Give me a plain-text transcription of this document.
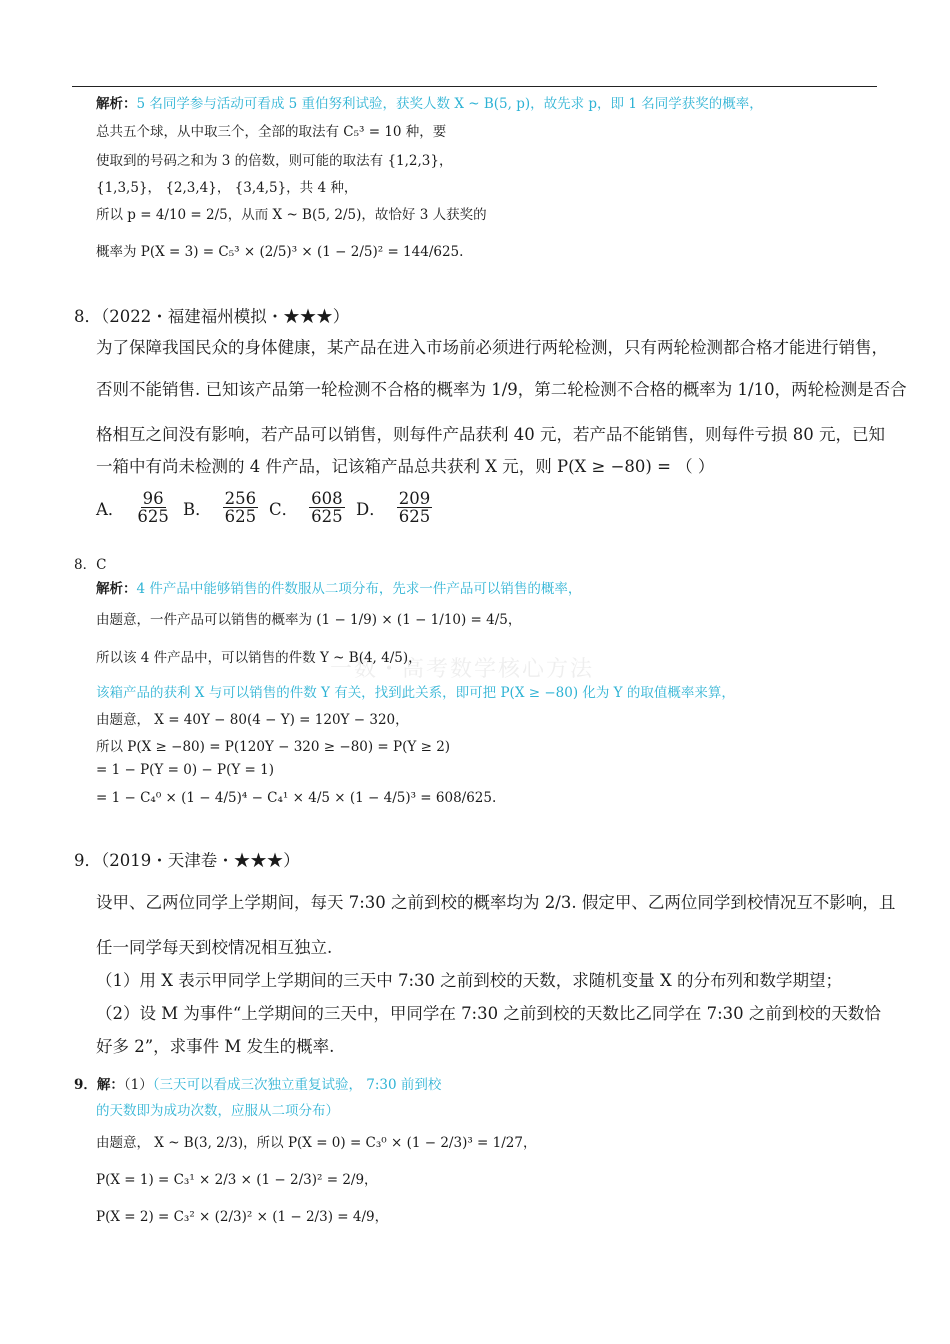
解析：5 名同学参与活动可看成 5 重伯努利试验，获奖人数 X ~ B(5, p)，故先求 p，即 1 名同学获奖的概率，
总共五个球，从中取三个，全部的取法有 C₅³ = 10 种，要
使取到的号码之和为 3 的倍数，则可能的取法有 {1,2,3}，
{1,3,5}， {2,3,4}， {3,4,5}，共 4 种，
所以 p = 4/10 = 2/5，从而 X ~ B(5, 2/5)，故恰好 3 人获奖的
概率为 P(X = 3) = C₅³ × (2/5)³ × (1 − 2/5)² = 144/625.
8．（2022・福建福州模拟・★★★）
为了保障我国民众的身体健康，某产品在进入市场前必须进行两轮检测，只有两轮检测都合格才能进行销售，
否则不能销售. 已知该产品第一轮检测不合格的概率为 1/9，第二轮检测不合格的概率为 1/10，两轮检测是否合
格相互之间没有影响，若产品可以销售，则每件产品获利 40 元，若产品不能销售，则每件亏损 80 元，已知
一箱中有尚未检测的 4 件产品，记该箱产品总共获利 X 元，则 P(X ≥ −80) = （ ）
A． $\frac{96}{625}$ B． $\frac{256}{625}$ C． $\frac{608}{625}$ D． $\frac{209}{625}$
8．C
解析：4 件产品中能够销售的件数服从二项分布，先求一件产品可以销售的概率，
由题意，一件产品可以销售的概率为 (1 − 1/9) × (1 − 1/10) = 4/5，
一数・高考数学核心方法
所以该 4 件产品中，可以销售的件数 Y ~ B(4, 4/5)，
该箱产品的获利 X 与可以销售的件数 Y 有关，找到此关系，即可把 P(X ≥ −80) 化为 Y 的取值概率来算，
由题意， X = 40Y − 80(4 − Y) = 120Y − 320，
所以 P(X ≥ −80) = P(120Y − 320 ≥ −80) = P(Y ≥ 2)
= 1 − P(Y = 0) − P(Y = 1)
= 1 − C₄⁰ × (1 − 4/5)⁴ − C₄¹ × 4/5 × (1 − 4/5)³ = 608/625.
9．（2019・天津卷・★★★）
设甲、乙两位同学上学期间，每天 7:30 之前到校的概率均为 2/3. 假定甲、乙两位同学到校情况互不影响，且
任一同学每天到校情况相互独立.
（1）用 X 表示甲同学上学期间的三天中 7:30 之前到校的天数，求随机变量 X 的分布列和数学期望；
（2）设 M 为事件“上学期间的三天中，甲同学在 7:30 之前到校的天数比乙同学在 7:30 之前到校的天数恰
好多 2”，求事件 M 发生的概率.
9．解：（1）（三天可以看成三次独立重复试验， 7:30 前到校
的天数即为成功次数，应服从二项分布）
由题意， X ~ B(3, 2/3)，所以 P(X = 0) = C₃⁰ × (1 − 2/3)³ = 1/27，
P(X = 1) = C₃¹ × 2/3 × (1 − 2/3)² = 2/9，
P(X = 2) = C₃² × (2/3)² × (1 − 2/3) = 4/9，
